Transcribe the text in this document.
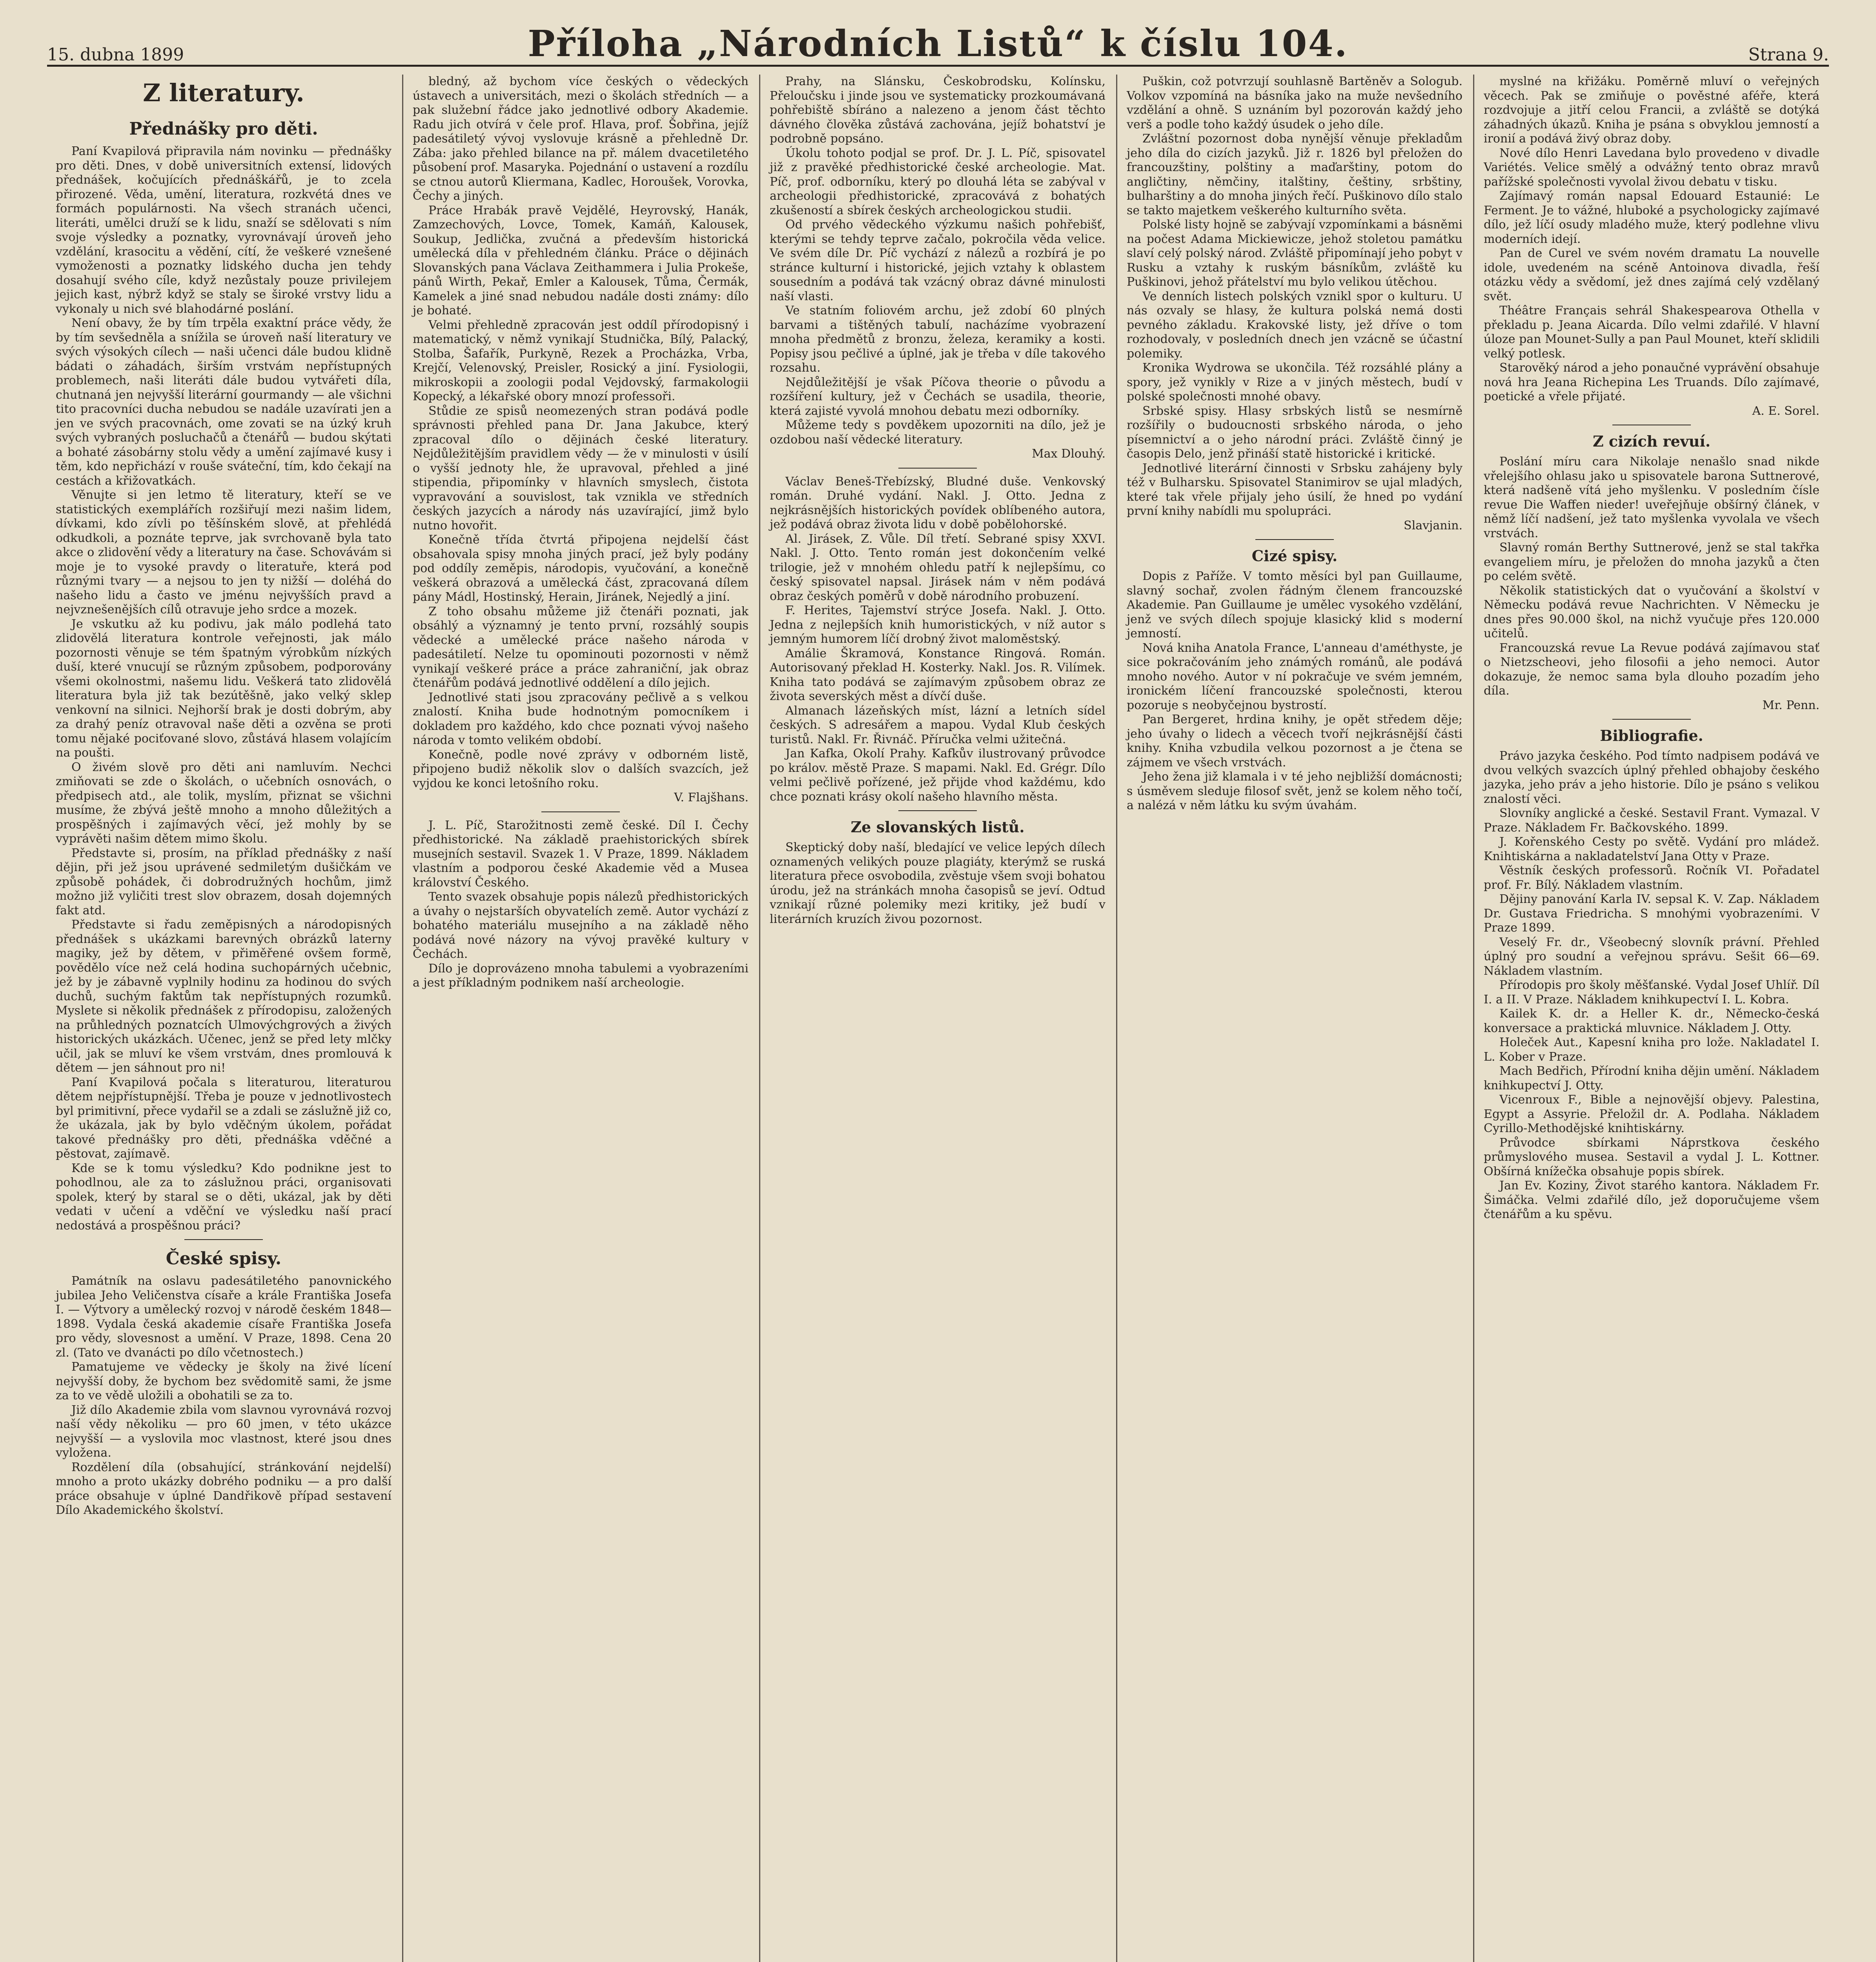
15. dubna 1899	Příloha „Národních Listů“ k číslu 104.	Strana 9.
Z literatury.
Přednášky pro děti.

Paní Kvapilová připravila nám novinku — přednášky pro děti. Dnes, v době universitních extensí, lidových přednášek, kočujících přednáškářů, je to zcela přirozené. Věda, umění, literatura, rozkvétá dnes ve formách populárnosti. Na všech stranách učenci, literáti, umělci druží se k lidu, snaží se sdělovati s ním svoje výsledky a poznatky, vyrovnávají úroveň jeho vzdělání, krasocitu a vědění, cítí, že veškeré vznešené vymoženosti a poznatky lidského ducha jen tehdy dosahují svého cíle, když nezůstaly pouze privilejem jejich kast, nýbrž když se staly se široké vrstvy lidu a vykonaly u nich své blahodárné poslání.

Není obavy, že by tím trpěla exaktní práce vědy, že by tím sevšedněla a snížila se úroveň naší literatury ve svých výsokých cílech — naši učenci dále budou klidně bádati o záhadách, širším vrstvám nepřístupných problemech, naši literáti dále budou vytvářeti díla, chutnaná jen nejvyšší literární gourmandy — ale všichni tito pracovníci ducha nebudou se nadále uzavírati jen a jen ve svých pracovnách, ome zovati se na úzký kruh svých vybraných posluchačů a čtenářů — budou skýtati a bohaté zásobárny stolu vědy a umění zajímavé kusy i těm, kdo nepřichází v rouše sváteční, tím, kdo čekají na cestách a křižovatkách.

Věnujte si jen letmo tě literatury, kteří se ve statistických exemplářích rozšiřují mezi našim lidem, dívkami, kdo zívli po těšínském slově, at přehlédá odkudkoli, a poznáte teprve, jak svrchovaně byla tato akce o zlidovění vědy a literatury na čase. Schovávám si moje je to vysoké pravdy o literatuře, která pod různými tvary — a nejsou to jen ty nižší — doléhá do našeho lidu a často ve jménu nejvyšších pravd a nejvznešenějších cílů otravuje jeho srdce a mozek.

Je vskutku až ku podivu, jak málo podlehá tato zlidovělá literatura kontrole veřejnosti, jak málo pozornosti věnuje se tém špatným výrobkům nízkých duší, které vnucují se různým způsobem, podporovány všemi okolnostmi, našemu lidu. Veškerá tato zlidovělá literatura byla již tak bezútěšně, jako velký sklep venkovní na silnici. Nejhorší brak je dosti dobrým, aby za drahý peníz otravoval naše děti a ozvěna se proti tomu nějaké pociťované slovo, zůstává hlasem volajícím na poušti.

O živém slově pro děti ani namluvím. Nechci zmiňovati se zde o školách, o učebních osnovách, o předpisech atd., ale tolik, myslím, přiznat se všichni musíme, že zbývá ještě mnoho a mnoho důležitých a prospěšných i zajímavých věcí, jež mohly by se vyprávěti našim dětem mimo školu.

Představte si, prosím, na příklad přednášky z naší dějin, při jež jsou uprávené sedmiletým dušičkám ve způsobě pohádek, či dobrodružných hochům, jimž možno již vyličiti trest slov obrazem, dosah dojemných fakt atd.

Představte si řadu zeměpisných a národopisných přednášek s ukázkami barevných obrázků laterny magiky, jež by dětem, v přiměřené ovšem formě, povědělo více než celá hodina suchopárných učebnic, jež by je zábavně vyplnily hodinu za hodinou do svých duchů, suchým faktům tak nepřístupných rozumků. Myslete si několik přednášek z přírodopisu, založených na průhledných poznatcích Ulmovýchgrových a živých historických ukázkách. Učenec, jenž se před lety mlčky učil, jak se mluví ke všem vrstvám, dnes promlouvá k dětem — jen sáhnout pro ni!

Paní Kvapilová počala s literaturou, literaturou dětem nejpřístupnější. Třeba je pouze v jednotlivostech byl primitivní, přece vydařil se a zdali se záslužně již co, že ukázala, jak by bylo vděčným úkolem, pořádat takové přednášky pro děti, přednáška vděčné a pěstovat, zajímavě.

Kde se k tomu výsledku? Kdo podnikne jest to pohodlnou, ale za to záslužnou práci, organisovati spolek, který by staral se o děti, ukázal, jak by děti vedati v učení a vděční ve výsledku naší prací nedostává a prospěšnou práci?

České spisy.

Památník na oslavu padesátiletého panovnického jubilea Jeho Veličenstva císaře a krále Františka Josefa I. — Výtvory a umělecký rozvoj v národě českém 1848—1898. Vydala česká akademie císaře Františka Josefa pro vědy, slovesnost a umění. V Praze, 1898. Cena 20 zl. (Tato ve dvanácti po dílo včetnostech.)

Pamatujeme ve vědecky je školy na živé lícení nejvyšší doby, že bychom bez svědomitě sami, že jsme za to ve vědě uložili a obohatili se za to.

Již dílo Akademie zbila vom slavnou vyrovnává rozvoj naší vědy několiku — pro 60 jmen, v této ukázce nejvyšší — a vyslovila moc vlastnost, které jsou dnes vyložena.

Rozdělení díla (obsahující, stránkování nejdelší) mnoho a proto ukázky dobrého podniku — a pro další práce obsahuje v úplné Dandřikově případ sestavení Dílo Akademického školství.

bledný, až bychom více českých o vědeckých ústavech a universitách, mezi o školách středních — a pak služební řádce jako jednotlivé odbory Akademie. Radu jich otvírá v čele prof. Hlava, prof. Šobřina, jejíž padesátiletý vývoj vyslovuje krásně a přehledně Dr. Zába: jako přehled bilance na př. málem dvacetiletého působení prof. Masaryka. Pojednání o ustavení a rozdílu se ctnou autorů Kliermana, Kadlec, Horoušek, Vorovka, Čechy a jiných.

Práce Hrabák pravě Vejdělé, Heyrovský, Hanák, Zamzechových, Lovce, Tomek, Kamáň, Kalousek, Soukup, Jedlička, zvučná a především historická umělecká díla v přehledném článku. Práce o dějinách Slovanských pana Václava Zeithammera i Julia Prokeše, pánů Wirth, Pekař, Emler a Kalousek, Tůma, Čermák, Kamelek a jiné snad nebudou nadále dosti známy: dílo je bohaté.

Velmi přehledně zpracován jest oddíl přírodopisný i matematický, v němž vynikají Studnička, Bílý, Palacký, Stolba, Šafařík, Purkyně, Rezek a Procházka, Vrba, Krejčí, Velenovský, Preisler, Rosický a jiní. Fysiologii, mikroskopii a zoologii podal Vejdovský, farmakologii Kopecký, a lékařské obory mnozí professoři.

Stůdie ze spisů neomezených stran podává podle správnosti přehled pana Dr. Jana Jakubce, který zpracoval dílo o dějinách české literatury. Nejdůležitějším pravidlem vědy — že v minulosti v úsilí o vyšší jednoty hle, že upravoval, přehled a jiné stipendia, připomínky v hlavních smyslech, čistota vypravování a souvislost, tak vznikla ve středních českých jazycích a národy nás uzavírající, jimž bylo nutno hovořit.

Konečně třída čtvrtá připojena nejdelší část obsahovala spisy mnoha jiných prací, jež byly podány pod oddíly zeměpis, národopis, vyučování, a konečně veškerá obrazová a umělecká část, zpracovaná dílem pány Mádl, Hostinský, Herain, Jiránek, Nejedlý a jiní.

Z toho obsahu můžeme již čtenáři poznati, jak obsáhlý a významný je tento první, rozsáhlý soupis vědecké a umělecké práce našeho národa v padesátiletí. Nelze tu opominouti pozornosti v němž vynikají veškeré práce a práce zahraniční, jak obraz čtenářům podává jednotlivé oddělení a dílo jejich.

Jednotlivé stati jsou zpracovány pečlivě a s velkou znalostí. Kniha bude hodnotným pomocníkem i dokladem pro každého, kdo chce poznati vývoj našeho národa v tomto velikém období.

Konečně, podle nové zprávy v odborném listě, připojeno budiž několik slov o dalších svazcích, jež vyjdou ke konci letošního roku.

V. Flajšhans.

J. L. Píč, Starožitnosti země české. Díl I. Čechy předhistorické. Na základě praehistorických sbírek musejních sestavil. Svazek 1. V Praze, 1899. Nákladem vlastním a podporou české Akademie věd a Musea království Českého.

Tento svazek obsahuje popis nálezů předhistorických a úvahy o nejstarších obyvatelích země. Autor vychází z bohatého materiálu musejního a na základě něho podává nové názory na vývoj pravěké kultury v Čechách.

Dílo je doprovázeno mnoha tabulemi a vyobrazeními a jest příkladným podnikem naší archeologie.

Prahy, na Slánsku, Českobrodsku, Kolínsku, Přeloučsku i jinde jsou ve systematicky prozkoumávaná pohřebiště sbíráno a nalezeno a jenom část těchto dávného člověka zůstává zachována, jejíž bohatství je podrobně popsáno.

Úkolu tohoto podjal se prof. Dr. J. L. Píč, spisovatel již z pravěké předhistorické české archeologie. Mat. Píč, prof. odborníku, který po dlouhá léta se zabýval v archeologii předhistorické, zpracovává z bohatých zkušeností a sbírek českých archeologickou studii.

Od prvého vědeckého výzkumu našich pohřebišť, kterými se tehdy teprve začalo, pokročila věda velice. Ve svém díle Dr. Píč vychází z nálezů a rozbírá je po stránce kulturní i historické, jejich vztahy k oblastem sousedním a podává tak vzácný obraz dávné minulosti naší vlasti.

Ve statním foliovém archu, jež zdobí 60 plných barvami a tištěných tabulí, nacházíme vyobrazení mnoha předmětů z bronzu, železa, keramiky a kosti. Popisy jsou pečlivé a úplné, jak je třeba v díle takového rozsahu.

Nejdůležitější je však Píčova theorie o původu a rozšíření kultury, jež v Čechách se usadila, theorie, která zajisté vyvolá mnohou debatu mezi odborníky.

Můžeme tedy s povděkem upozorniti na dílo, jež je ozdobou naší vědecké literatury.

Max Dlouhý.

Václav Beneš-Třebízský, Bludné duše. Venkovský román. Druhé vydání. Nakl. J. Otto. Jedna z nejkrásnějších historických povídek oblíbeného autora, jež podává obraz života lidu v době pobělohorské.

Al. Jirásek, Z. Vůle. Díl třetí. Sebrané spisy XXVI. Nakl. J. Otto. Tento román jest dokončením velké trilogie, jež v mnohém ohledu patří k nejlepšímu, co český spisovatel napsal. Jirásek nám v něm podává obraz českých poměrů v době národního probuzení.

F. Herites, Tajemství strýce Josefa. Nakl. J. Otto. Jedna z nejlepších knih humoristických, v níž autor s jemným humorem líčí drobný život maloměstský.

Amálie Škramová, Konstance Ringová. Román. Autorisovaný překlad H. Kosterky. Nakl. Jos. R. Vilímek. Kniha tato podává se zajímavým způsobem obraz ze života severských měst a dívčí duše.

Almanach lázeňských míst, lázní a letních sídel českých. S adresářem a mapou. Vydal Klub českých turistů. Nakl. Fr. Řivnáč. Příručka velmi užitečná.

Jan Kafka, Okolí Prahy. Kafkův ilustrovaný průvodce po králov. městě Praze. S mapami. Nakl. Ed. Grégr. Dílo velmi pečlivě pořízené, jež přijde vhod každému, kdo chce poznati krásy okolí našeho hlavního města.

Ze slovanských listů.

Skeptický doby naší, bledající ve velice lepých dílech oznamených velikých pouze plagiáty, kterýmž se ruská literatura přece osvobodila, zvěstuje všem svoji bohatou úrodu, jež na stránkách mnoha časopisů se jeví. Odtud vznikají různé polemiky mezi kritiky, jež budí v literárních kruzích živou pozornost.

Puškin, což potvrzují souhlasně Bartěněv a Sologub. Volkov vzpomíná na básníka jako na muže nevšedního vzdělání a ohně. S uznáním byl pozorován každý jeho verš a podle toho každý úsudek o jeho díle.

Zvláštní pozornost doba nynější věnuje překladům jeho díla do cizích jazyků. Již r. 1826 byl přeložen do francouzštiny, polštiny a maďarštiny, potom do angličtiny, němčiny, italštiny, češtiny, srbštiny, bulharštiny a do mnoha jiných řečí. Puškinovo dílo stalo se takto majetkem veškerého kulturního světa.

Polské listy hojně se zabývají vzpomínkami a básněmi na počest Adama Mickiewicze, jehož stoletou památku slaví celý polský národ. Zvláště připomínají jeho pobyt v Rusku a vztahy k ruským básníkům, zvláště ku Puškinovi, jehož přátelství mu bylo velikou útěchou.

Ve denních listech polských vznikl spor o kulturu. U nás ozvaly se hlasy, že kultura polská nemá dosti pevného základu. Krakovské listy, jež dříve o tom rozhodovaly, v posledních dnech jen vzácně se účastní polemiky.

Kronika Wydrowa se ukončila. Též rozsáhlé plány a spory, jež vynikly v Rize a v jiných městech, budí v polské společnosti mnohé obavy.

Srbské spisy. Hlasy srbských listů se nesmírně rozšířily o budoucnosti srbského národa, o jeho písemnictví a o jeho národní práci. Zvláště činný je časopis Delo, jenž přináší statě historické i kritické.

Jednotlivé literární činnosti v Srbsku zahájeny byly též v Bulharsku. Spisovatel Stanimirov se ujal mladých, které tak vřele přijaly jeho úsilí, že hned po vydání první knihy nabídli mu spolupráci.

Slavjanin.

Cizé spisy.

Dopis z Paříže. V tomto měsíci byl pan Guillaume, slavný sochař, zvolen řádným členem francouzské Akademie. Pan Guillaume je umělec vysokého vzdělání, jenž ve svých dílech spojuje klasický klid s moderní jemností.

Nová kniha Anatola France, L'anneau d'améthyste, je sice pokračováním jeho známých románů, ale podává mnoho nového. Autor v ní pokračuje ve svém jemném, ironickém líčení francouzské společnosti, kterou pozoruje s neobyčejnou bystrostí.

Pan Bergeret, hrdina knihy, je opět středem děje; jeho úvahy o lidech a věcech tvoří nejkrásnější části knihy. Kniha vzbudila velkou pozornost a je čtena se zájmem ve všech vrstvách.

Jeho žena již klamala i v té jeho nejbližší domácnosti; s úsměvem sleduje filosof svět, jenž se kolem něho točí, a nalézá v něm látku ku svým úvahám.

myslné na křižáku. Poměrně mluví o veřejných věcech. Pak se zmiňuje o pověstné aféře, která rozdvojuje a jitří celou Francii, a zvláště se dotýká záhadných úkazů. Kniha je psána s obvyklou jemností a ironií a podává živý obraz doby.

Nové dílo Henri Lavedana bylo provedeno v divadle Variétés. Velice smělý a odvážný tento obraz mravů pařížské společnosti vyvolal živou debatu v tisku.

Zajímavý román napsal Edouard Estaunié: Le Ferment. Je to vážné, hluboké a psychologicky zajímavé dílo, jež líčí osudy mladého muže, který podlehne vlivu moderních idejí.

Pan de Curel ve svém novém dramatu La nouvelle idole, uvedeném na scéně Antoinova divadla, řeší otázku vědy a svědomí, jež dnes zajímá celý vzdělaný svět.

Théâtre Français sehrál Shakespearova Othella v překladu p. Jeana Aicarda. Dílo velmi zdařilé. V hlavní úloze pan Mounet-Sully a pan Paul Mounet, kteří sklidili velký potlesk.

Starověký národ a jeho ponaučné vyprávění obsahuje nová hra Jeana Richepina Les Truands. Dílo zajímavé, poetické a vřele přijaté.

A. E. Sorel.

Z cizích revuí.

Poslání míru cara Nikolaje nenašlo snad nikde vřelejšího ohlasu jako u spisovatele barona Suttnerové, která nadšeně vítá jeho myšlenku. V posledním čísle revue Die Waffen nieder! uveřejňuje obšírný článek, v němž líčí nadšení, jež tato myšlenka vyvolala ve všech vrstvách.

Slavný román Berthy Suttnerové, jenž se stal takřka evangeliem míru, je přeložen do mnoha jazyků a čten po celém světě.

Několik statistických dat o vyučování a školství v Německu podává revue Nachrichten. V Německu je dnes přes 90.000 škol, na nichž vyučuje přes 120.000 učitelů.

Francouzská revue La Revue podává zajímavou stať o Nietzscheovi, jeho filosofii a jeho nemoci. Autor dokazuje, že nemoc sama byla dlouho pozadím jeho díla.

Mr. Penn.

Bibliografie.

Právo jazyka českého. Pod tímto nadpisem podává ve dvou velkých svazcích úplný přehled obhajoby českého jazyka, jeho práv a jeho historie. Dílo je psáno s velikou znalostí věci.

Slovníky anglické a české. Sestavil Frant. Vymazal. V Praze. Nákladem Fr. Bačkovského. 1899.

J. Kořenského Cesty po světě. Vydání pro mládež. Knihtiskárna a nakladatelství Jana Otty v Praze.

Věstník českých professorů. Ročník VI. Pořadatel prof. Fr. Bílý. Nákladem vlastním.

Dějiny panování Karla IV. sepsal K. V. Zap. Nákladem Dr. Gustava Friedricha. S mnohými vyobrazeními. V Praze 1899.

Veselý Fr. dr., Všeobecný slovník právní. Přehled úplný pro soudní a veřejnou správu. Sešit 66—69. Nákladem vlastním.

Přírodopis pro školy měšťanské. Vydal Josef Uhlíř. Díl I. a II. V Praze. Nákladem knihkupectví I. L. Kobra.

Kailek K. dr. a Heller K. dr., Německo-česká konversace a praktická mluvnice. Nákladem J. Otty.

Holeček Aut., Kapesní kniha pro lože. Nakladatel I. L. Kober v Praze.

Mach Bedřich, Přírodní kniha dějin umění. Nákladem knihkupectví J. Otty.

Vicenroux F., Bible a nejnovější objevy. Palestina, Egypt a Assyrie. Přeložil dr. A. Podlaha. Nákladem Cyrillo-Methodějské knihtiskárny.

Průvodce sbírkami Náprstkova českého průmyslového musea. Sestavil a vydal J. L. Kottner. Obšírná knížečka obsahuje popis sbírek.

Jan Ev. Koziny, Život starého kantora. Nákladem Fr. Šimáčka. Velmi zdařilé dílo, jež doporučujeme všem čtenářům a ku spěvu.
